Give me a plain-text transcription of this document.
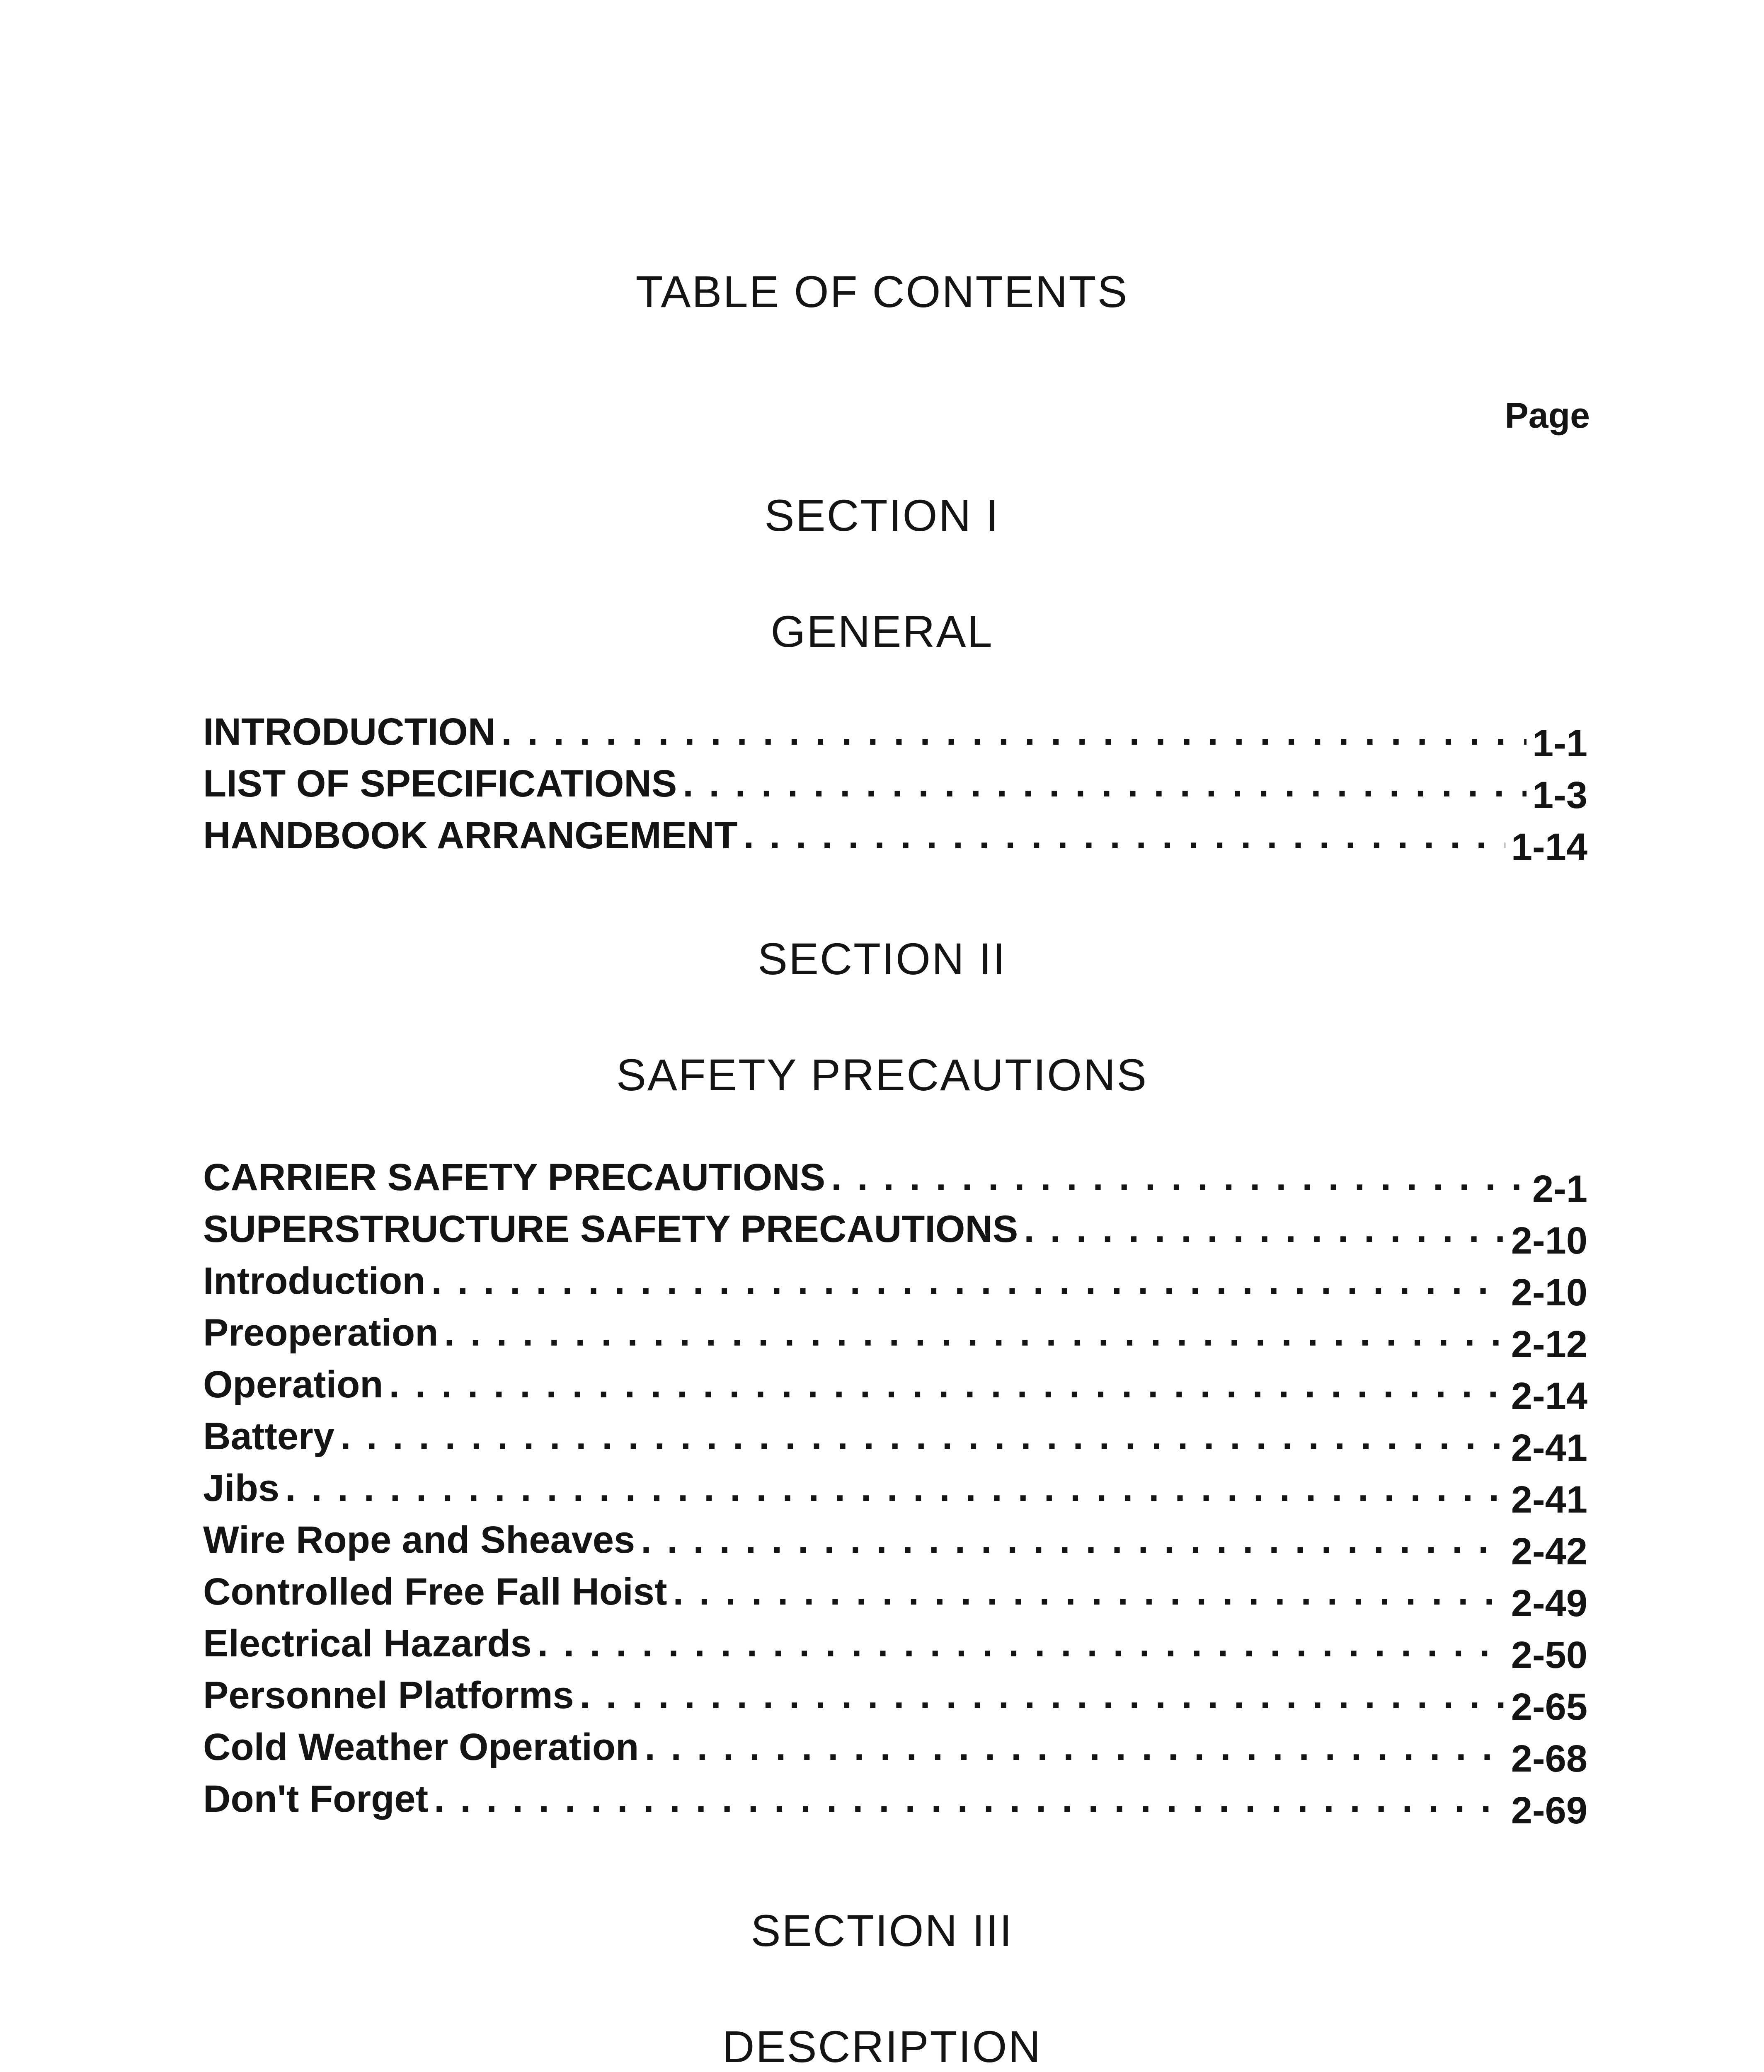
TABLE OF CONTENTS
Page
SECTION I
GENERAL
INTRODUCTION . . .	1-1
LIST OF SPECIFICATIONS . . .	1-3
HANDBOOK ARRANGEMENT . . .	1-14
SECTION II
SAFETY PRECAUTIONS
CARRIER SAFETY PRECAUTIONS . . .	2-1
SUPERSTRUCTURE SAFETY PRECAUTIONS . . .	2-10
Introduction . . .	2-10
Preoperation . . .	2-12
Operation . . .	2-14
Battery . . .	2-41
Jibs . . .	2-41
Wire Rope and Sheaves . . .	2-42
Controlled Free Fall Hoist . . .	2-49
Electrical Hazards . . .	2-50
Personnel Platforms . . .	2-65
Cold Weather Operation . . .	2-68
Don't Forget . . .	2-69
SECTION III
DESCRIPTION
